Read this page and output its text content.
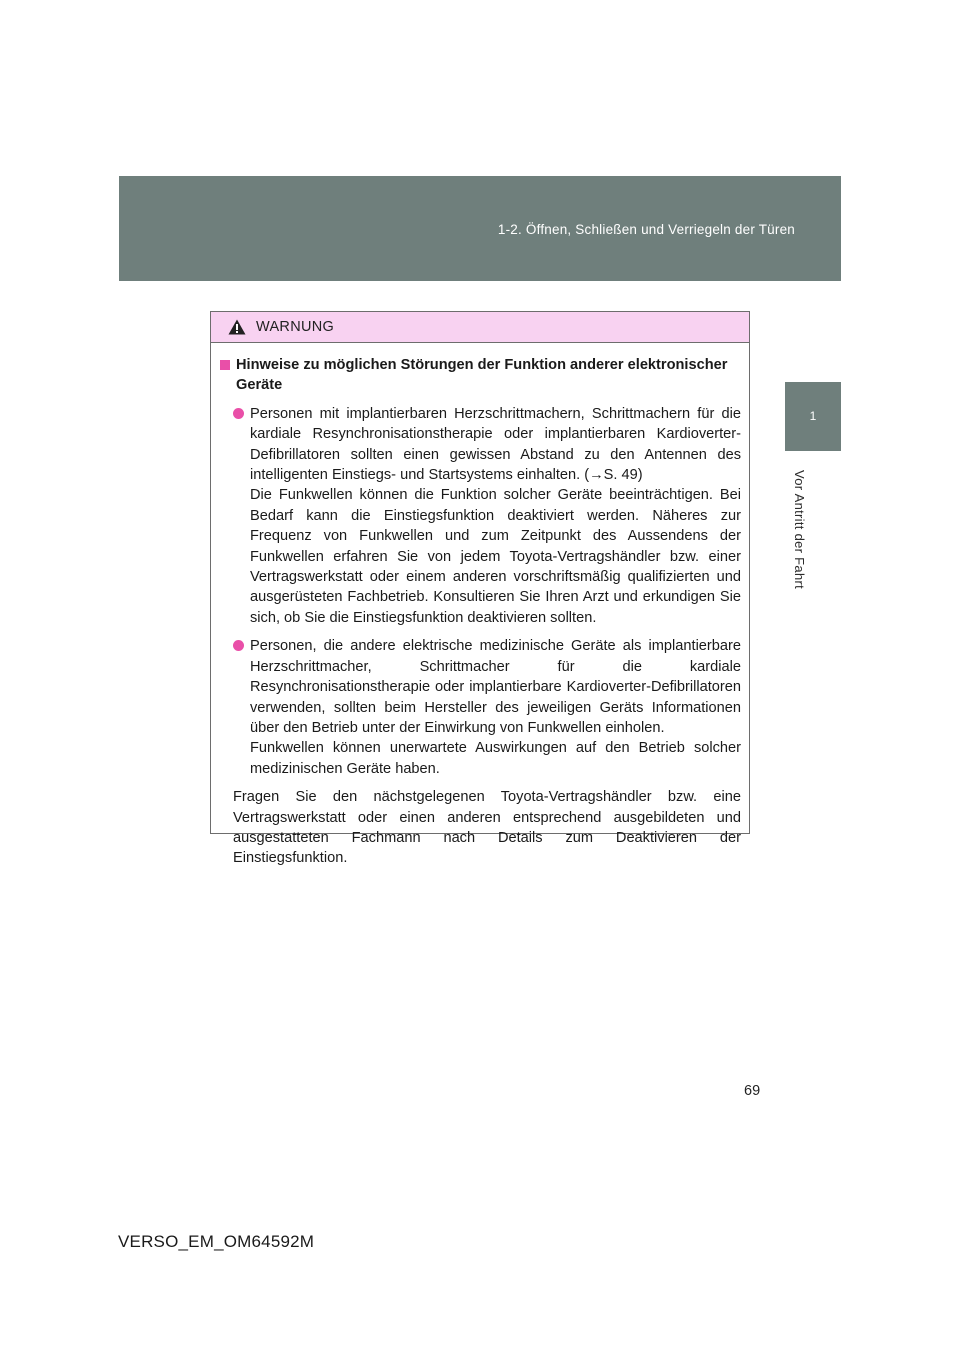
1-2. Öffnen, Schließen und Verriegeln der Türen
1
Vor Antritt der Fahrt
WARNUNG
Hinweise zu möglichen Störungen der Funktion anderer elektronischer Geräte

Personen mit implantierbaren Herzschrittmachern, Schrittmachern für die kardiale Resynchronisationstherapie oder implantierbaren Kardioverter-Defibrillatoren sollten einen gewissen Abstand zu den Antennen des intelligenten Einstiegs- und Startsystems einhalten. (→S. 49)

Die Funkwellen können die Funktion solcher Geräte beeinträchtigen. Bei Bedarf kann die Einstiegsfunktion deaktiviert werden. Näheres zur Frequenz von Funkwellen und zum Zeitpunkt des Aussendens der Funkwellen erfahren Sie von jedem Toyota-Vertragshändler bzw. einer Vertragswerkstatt oder einem anderen vorschriftsmäßig qualifizierten und ausgerüsteten Fachbetrieb. Konsultieren Sie Ihren Arzt und erkundigen Sie sich, ob Sie die Einstiegsfunktion deaktivieren sollten.

Personen, die andere elektrische medizinische Geräte als implantierbare Herzschrittmacher, Schrittmacher für die kardiale Resynchronisationstherapie oder implantierbare Kardioverter-Defibrillatoren verwenden, sollten beim Hersteller des jeweiligen Geräts Informationen über den Betrieb unter der Einwirkung von Funkwellen einholen.

Funkwellen können unerwartete Auswirkungen auf den Betrieb solcher medizinischen Geräte haben.

Fragen Sie den nächstgelegenen Toyota-Vertragshändler bzw. eine Vertragswerkstatt oder einen anderen entsprechend ausgebildeten und ausgestatteten Fachmann nach Details zum Deaktivieren der Einstiegsfunktion.

69
VERSO_EM_OM64592M
